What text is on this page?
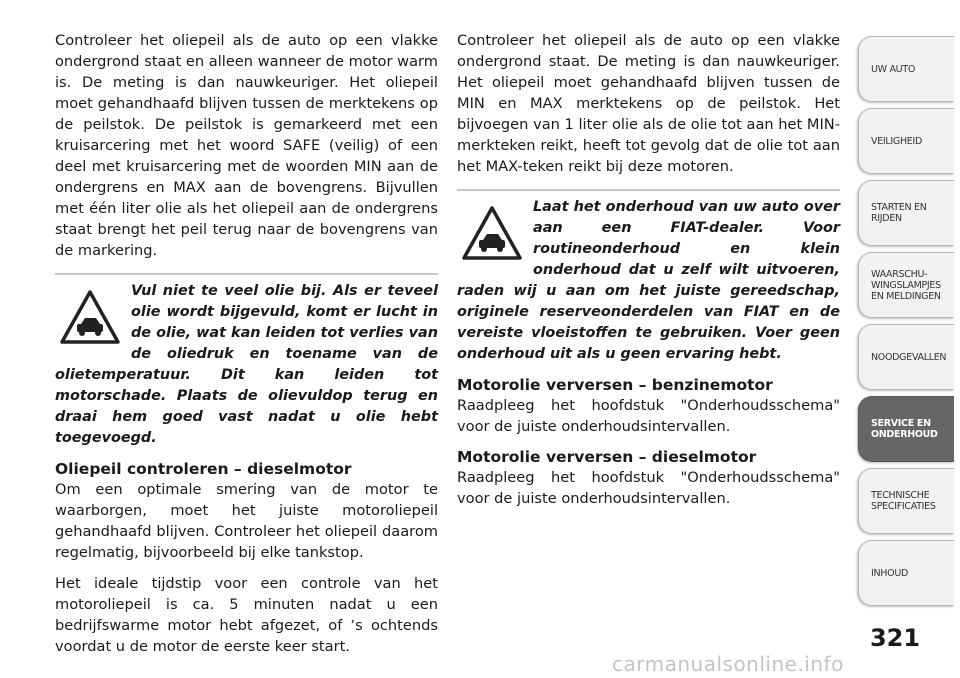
Controleer het oliepeil als de auto op een vlakke ondergrond staat en alleen wanneer de motor warm is. De meting is dan nauwkeuriger. Het oliepeil moet gehandhaafd blijven tussen de merktekens op de peilstok. De peilstok is gemarkeerd met een kruisarcering met het woord SAFE (veilig) of een deel met kruisarcering met de woorden MIN aan de ondergrens en MAX aan de bovengrens. Bijvullen met één liter olie als het oliepeil aan de ondergrens staat brengt het peil terug naar de bovengrens van de markering.

Vul niet te veel olie bij. Als er teveel olie wordt bijgevuld, komt er lucht in de olie, wat kan leiden tot verlies van de oliedruk en toename van de olietemperatuur. Dit kan leiden tot motorschade. Plaats de olievuldop terug en draai hem goed vast nadat u olie hebt toegevoegd.

Oliepeil controleren – dieselmotor

Om een optimale smering van de motor te waarborgen, moet het juiste motoroliepeil gehandhaafd blijven. Controleer het oliepeil daarom regelmatig, bijvoorbeeld bij elke tankstop.

Het ideale tijdstip voor een controle van het motoroliepeil is ca. 5 minuten nadat u een bedrijfswarme motor hebt afgezet, of ‘s ochtends voordat u de motor de eerste keer start.

Controleer het oliepeil als de auto op een vlakke ondergrond staat. De meting is dan nauwkeuriger. Het oliepeil moet gehandhaafd blijven tussen de MIN en MAX merktekens op de peilstok. Het bijvoegen van 1 liter olie als de olie tot aan het MIN-merkteken reikt, heeft tot gevolg dat de olie tot aan het MAX-teken reikt bij deze motoren.

Laat het onderhoud van uw auto over aan een FIAT-dealer. Voor routineonderhoud en klein onderhoud dat u zelf wilt uitvoeren, raden wij u aan om het juiste gereedschap, originele reserveonderdelen van FIAT en de vereiste vloeistoffen te gebruiken. Voer geen onderhoud uit als u geen ervaring hebt.

Motorolie verversen – benzinemotor

Raadpleeg het hoofdstuk "Onderhoudsschema" voor de juiste onderhoudsintervallen.

Motorolie verversen – dieselmotor

Raadpleeg het hoofdstuk "Onderhoudsschema" voor de juiste onderhoudsintervallen.

UW AUTO
VEILIGHEID
STARTEN EN
RIJDEN
WAARSCHU-
WINGSLAMPJES
EN MELDINGEN
NOODGEVALLEN
SERVICE EN
ONDERHOUD
TECHNISCHE
SPECIFICATIES
INHOUD
321
carmanualsonline.info
